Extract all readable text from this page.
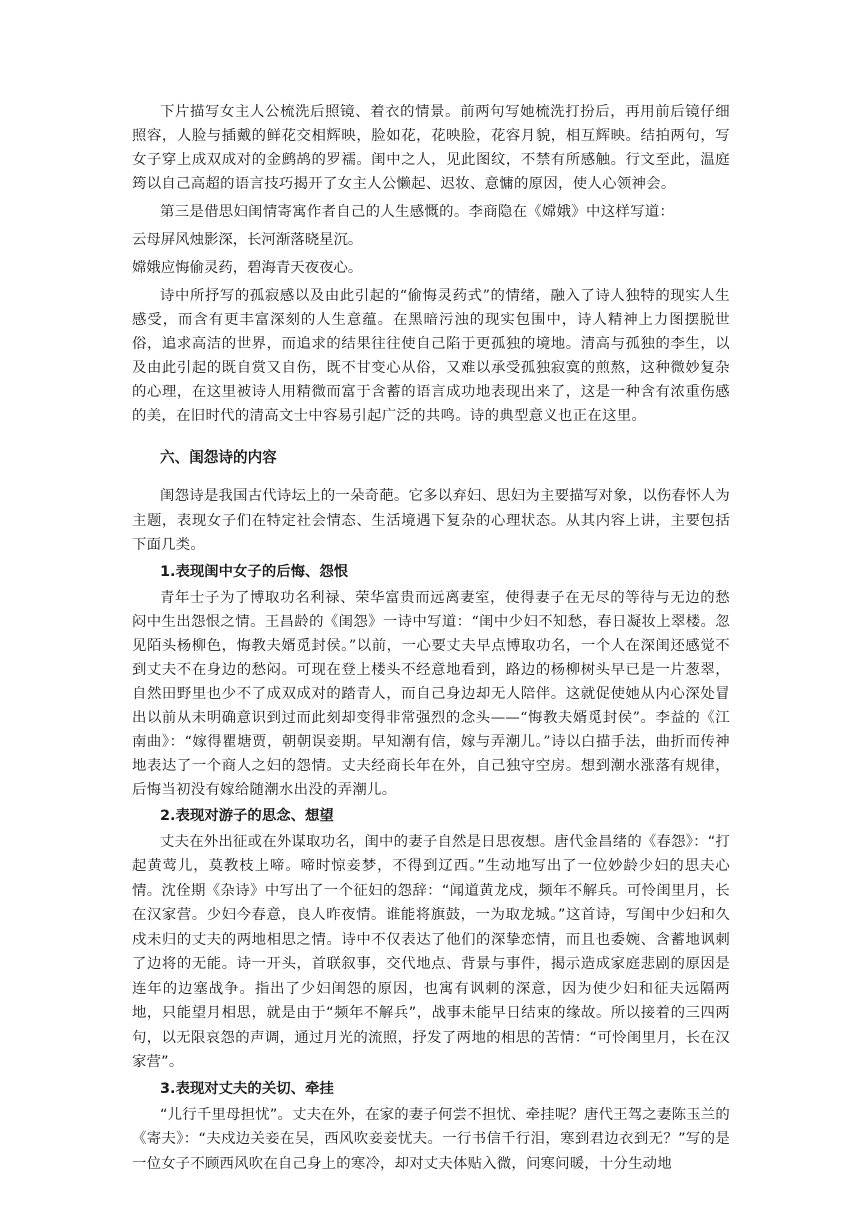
下片描写女主人公梳洗后照镜、着衣的情景。前两句写她梳洗打扮后，再用前后镜仔细照容，人脸与插戴的鲜花交相辉映，脸如花，花映脸，花容月貌，相互辉映。结拍两句，写女子穿上成双成对的金鹧鸪的罗襦。闺中之人，见此图纹，不禁有所感触。行文至此，温庭筠以自己高超的语言技巧揭开了女主人公懒起、迟妆、意慵的原因，使人心领神会。

第三是借思妇闺情寄寓作者自己的人生感慨的。李商隐在《嫦娥》中这样写道：

云母屏风烛影深，长河渐落晓星沉。

嫦娥应悔偷灵药，碧海青天夜夜心。

诗中所抒写的孤寂感以及由此引起的“偷悔灵药式”的情绪，融入了诗人独特的现实人生感受，而含有更丰富深刻的人生意蕴。在黑暗污浊的现实包围中，诗人精神上力图摆脱世俗，追求高洁的世界，而追求的结果往往使自己陷于更孤独的境地。清高与孤独的李生，以及由此引起的既自赏又自伤，既不甘变心从俗，又难以承受孤独寂寞的煎熬，这种微妙复杂的心理，在这里被诗人用精微而富于含蓄的语言成功地表现出来了，这是一种含有浓重伤感的美，在旧时代的清高文士中容易引起广泛的共鸣。诗的典型意义也正在这里。

六、闺怨诗的内容

闺怨诗是我国古代诗坛上的一朵奇葩。它多以弃妇、思妇为主要描写对象，以伤春怀人为主题，表现女子们在特定社会情态、生活境遇下复杂的心理状态。从其内容上讲，主要包括下面几类。

1.表现闺中女子的后悔、怨恨

青年士子为了博取功名利禄、荣华富贵而远离妻室，使得妻子在无尽的等待与无边的愁闷中生出怨恨之情。王昌龄的《闺怨》一诗中写道：“闺中少妇不知愁，春日凝妆上翠楼。忽见陌头杨柳色，悔教夫婿觅封侯。”以前，一心要丈夫早点博取功名，一个人在深闺还感觉不到丈夫不在身边的愁闷。可现在登上楼头不经意地看到，路边的杨柳树头早已是一片葱翠，自然田野里也少不了成双成对的踏青人，而自己身边却无人陪伴。这就促使她从内心深处冒出以前从未明确意识到过而此刻却变得非常强烈的念头——“悔教夫婿觅封侯”。李益的《江南曲》：“嫁得瞿塘贾，朝朝误妾期。早知潮有信，嫁与弄潮儿。”诗以白描手法，曲折而传神地表达了一个商人之妇的怨情。丈夫经商长年在外，自己独守空房。想到潮水涨落有规律，后悔当初没有嫁给随潮水出没的弄潮儿。

2.表现对游子的思念、想望

丈夫在外出征或在外谋取功名，闺中的妻子自然是日思夜想。唐代金昌绪的《春怨》：“打起黄莺儿，莫教枝上啼。啼时惊妾梦，不得到辽西。”生动地写出了一位妙龄少妇的思夫心情。沈佺期《杂诗》中写出了一个征妇的怨辞：“闻道黄龙戍，频年不解兵。可怜闺里月，长在汉家营。少妇今春意，良人昨夜情。谁能将旗鼓，一为取龙城。”这首诗，写闺中少妇和久戍未归的丈夫的两地相思之情。诗中不仅表达了他们的深挚恋情，而且也委婉、含蓄地讽刺了边将的无能。诗一开头，首联叙事，交代地点、背景与事件，揭示造成家庭悲剧的原因是连年的边塞战争。指出了少妇闺怨的原因，也寓有讽刺的深意，因为使少妇和征夫远隔两地，只能望月相思，就是由于“频年不解兵”，战事未能早日结束的缘故。所以接着的三四两句，以无限哀怨的声调，通过月光的流照，抒发了两地的相思的苦情：“可怜闺里月，长在汉家营”。

3.表现对丈夫的关切、牵挂

“儿行千里母担忧”。丈夫在外，在家的妻子何尝不担忧、牵挂呢？唐代王驾之妻陈玉兰的《寄夫》：“夫戍边关妾在吴，西风吹妾妾忧夫。一行书信千行泪，寒到君边衣到无？”写的是一位女子不顾西风吹在自己身上的寒冷，却对丈夫体贴入微，问寒问暖，十分生动地
